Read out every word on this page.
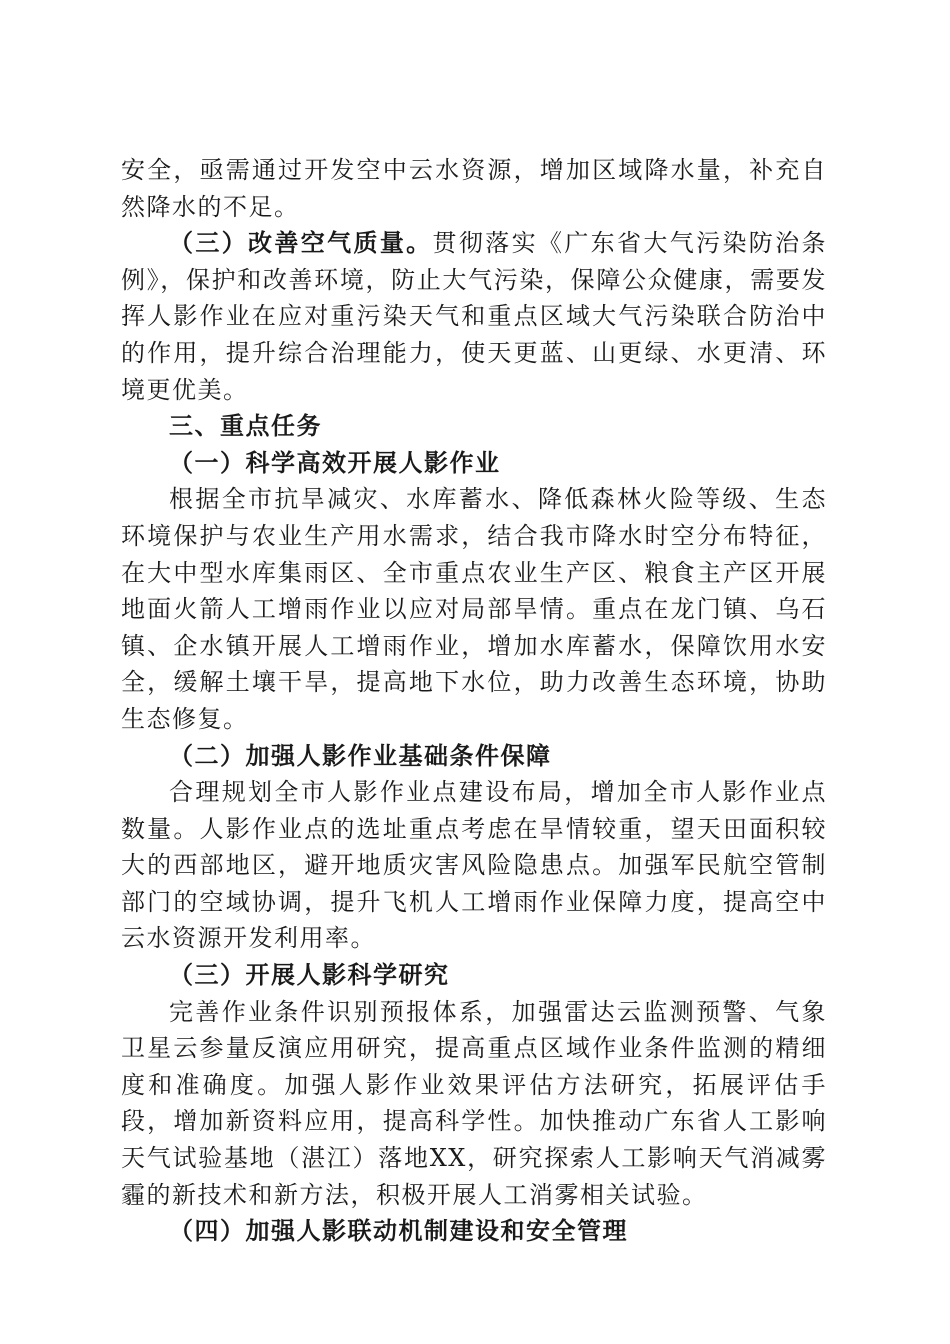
安全，亟需通过开发空中云水资源，增加区域降水量，补充自然降水的不足。

（三）改善空气质量。贯彻落实《广东省大气污染防治条例》，保护和改善环境，防止大气污染，保障公众健康，需要发挥人影作业在应对重污染天气和重点区域大气污染联合防治中的作用，提升综合治理能力，使天更蓝、山更绿、水更清、环境更优美。

三、重点任务

（一）科学高效开展人影作业

根据全市抗旱减灾、水库蓄水、降低森林火险等级、生态环境保护与农业生产用水需求，结合我市降水时空分布特征，在大中型水库集雨区、全市重点农业生产区、粮食主产区开展地面火箭人工增雨作业以应对局部旱情。重点在龙门镇、乌石镇、企水镇开展人工增雨作业，增加水库蓄水，保障饮用水安全，缓解土壤干旱，提高地下水位，助力改善生态环境，协助生态修复。

（二）加强人影作业基础条件保障

合理规划全市人影作业点建设布局，增加全市人影作业点数量。人影作业点的选址重点考虑在旱情较重，望天田面积较大的西部地区，避开地质灾害风险隐患点。加强军民航空管制部门的空域协调，提升飞机人工增雨作业保障力度，提高空中云水资源开发利用率。

（三）开展人影科学研究

完善作业条件识别预报体系，加强雷达云监测预警、气象卫星云参量反演应用研究，提高重点区域作业条件监测的精细度和准确度。加强人影作业效果评估方法研究，拓展评估手段，增加新资料应用，提高科学性。加快推动广东省人工影响天气试验基地（湛江）落地XX，研究探索人工影响天气消减雾霾的新技术和新方法，积极开展人工消雾相关试验。

（四）加强人影联动机制建设和安全管理
